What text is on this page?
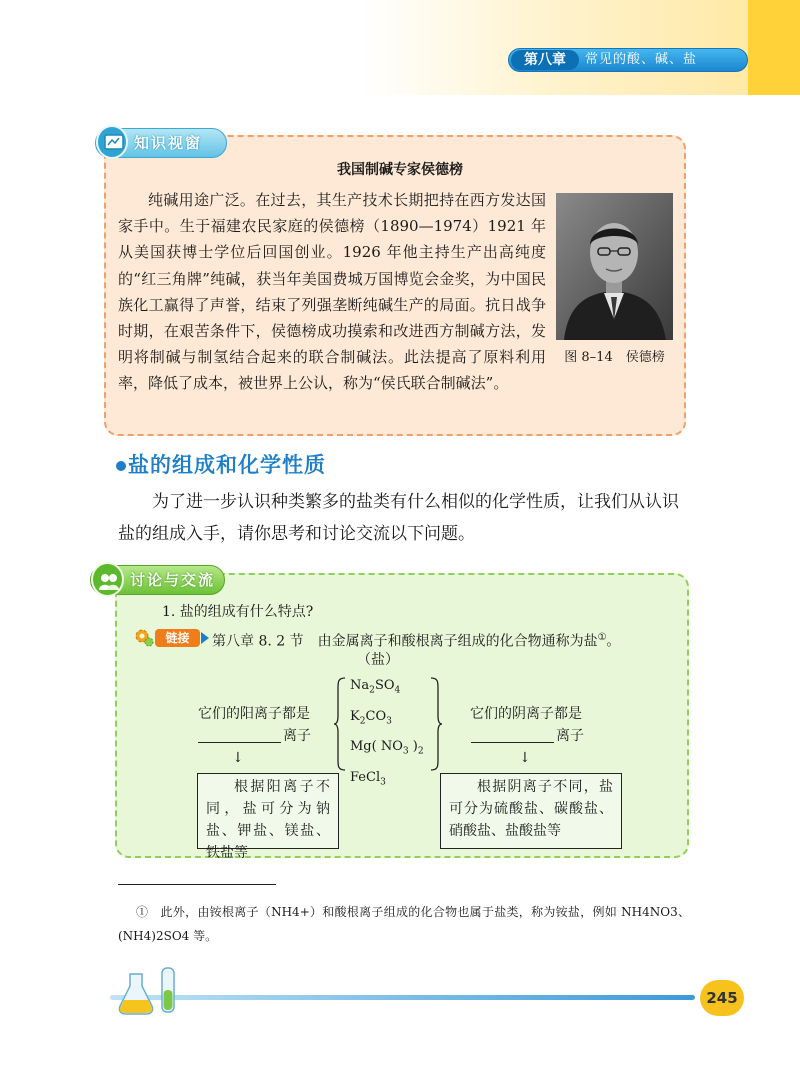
第八章	常见的酸、碱、盐
知识视窗
我国制碱专家侯德榜
纯碱用途广泛。在过去，其生产技术长期把持在西方发达国家手中。生于福建农民家庭的侯德榜（1890—1974）1921 年从美国获博士学位后回国创业。1926 年他主持生产出高纯度的“红三角牌”纯碱，获当年美国费城万国博览会金奖，为中国民族化工赢得了声誉，结束了列强垄断纯碱生产的局面。抗日战争时期，在艰苦条件下，侯德榜成功摸索和改进西方制碱方法，发明将制碱与制氢结合起来的联合制碱法。此法提高了原料利用率，降低了成本，被世界上公认，称为“侯氏联合制碱法”。
图 8–14　侯德榜
盐的组成和化学性质
为了进一步认识种类繁多的盐类有什么相似的化学性质，让我们从认识盐的组成入手，请你思考和讨论交流以下问题。
讨论与交流
1. 盐的组成有什么特点?
链接	第八章 8. 2 节　 由金属离子和酸根离子组成的化合物通称为盐①。
（盐）
$Na_2SO_4$
$K_2CO_3$
Mg( $NO_3$ )$_2$
FeCl$_3$
它们的阳离子都是
离子
↓
它们的阴离子都是
离子
↓
根据阳离子不同，盐可分为钠盐、钾盐、镁盐、铁盐等
根据阴离子不同，盐可分为硫酸盐、碳酸盐、硝酸盐、盐酸盐等
①　此外，由铵根离子（NH4+）和酸根离子组成的化合物也属于盐类，称为铵盐，例如 NH4NO3、(NH4)2SO4 等。
245
